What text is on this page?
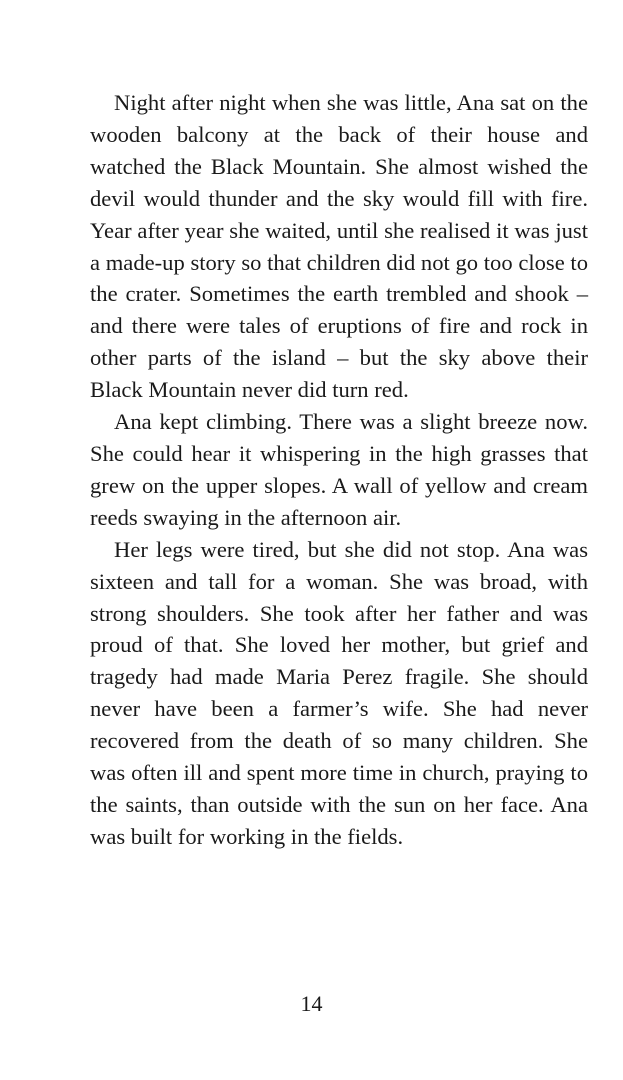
Night after night when she was little, Ana sat on the wooden balcony at the back of their house and watched the Black Mountain. She almost wished the devil would thunder and the sky would fill with fire. Year after year she waited, until she realised it was just a made-up story so that children did not go too close to the crater. Sometimes the earth trembled and shook – and there were tales of eruptions of fire and rock in other parts of the island – but the sky above their Black Mountain never did turn red.

Ana kept climbing. There was a slight breeze now. She could hear it whispering in the high grasses that grew on the upper slopes. A wall of yellow and cream reeds swaying in the afternoon air.

Her legs were tired, but she did not stop. Ana was sixteen and tall for a woman. She was broad, with strong shoulders. She took after her father and was proud of that. She loved her mother, but grief and tragedy had made Maria Perez fragile. She should never have been a farmer’s wife. She had never recovered from the death of so many children. She was often ill and spent more time in church, praying to the saints, than outside with the sun on her face. Ana was built for working in the fields.

14
